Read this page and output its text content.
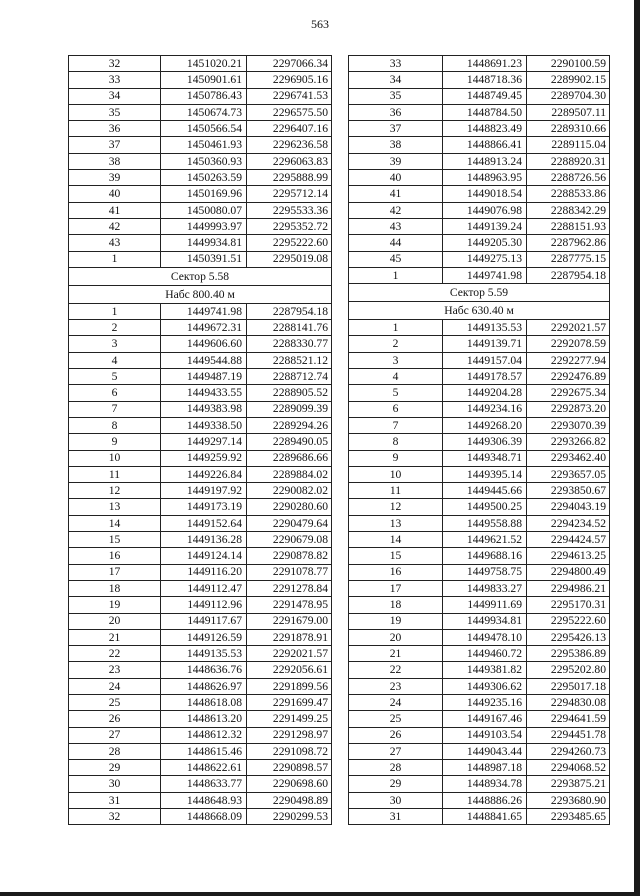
563
32	1451020.21	2297066.34
33	1450901.61	2296905.16
34	1450786.43	2296741.53
35	1450674.73	2296575.50
36	1450566.54	2296407.16
37	1450461.93	2296236.58
38	1450360.93	2296063.83
39	1450263.59	2295888.99
40	1450169.96	2295712.14
41	1450080.07	2295533.36
42	1449993.97	2295352.72
43	1449934.81	2295222.60
1	1450391.51	2295019.08
Сектор 5.58		
Набс 800.40 м		
1	1449741.98	2287954.18
2	1449672.31	2288141.76
3	1449606.60	2288330.77
4	1449544.88	2288521.12
5	1449487.19	2288712.74
6	1449433.55	2288905.52
7	1449383.98	2289099.39
8	1449338.50	2289294.26
9	1449297.14	2289490.05
10	1449259.92	2289686.66
11	1449226.84	2289884.02
12	1449197.92	2290082.02
13	1449173.19	2290280.60
14	1449152.64	2290479.64
15	1449136.28	2290679.08
16	1449124.14	2290878.82
17	1449116.20	2291078.77
18	1449112.47	2291278.84
19	1449112.96	2291478.95
20	1449117.67	2291679.00
21	1449126.59	2291878.91
22	1449135.53	2292021.57
23	1448636.76	2292056.61
24	1448626.97	2291899.56
25	1448618.08	2291699.47
26	1448613.20	2291499.25
27	1448612.32	2291298.97
28	1448615.46	2291098.72
29	1448622.61	2290898.57
30	1448633.77	2290698.60
31	1448648.93	2290498.89
32	1448668.09	2290299.53
33	1448691.23	2290100.59
34	1448718.36	2289902.15
35	1448749.45	2289704.30
36	1448784.50	2289507.11
37	1448823.49	2289310.66
38	1448866.41	2289115.04
39	1448913.24	2288920.31
40	1448963.95	2288726.56
41	1449018.54	2288533.86
42	1449076.98	2288342.29
43	1449139.24	2288151.93
44	1449205.30	2287962.86
45	1449275.13	2287775.15
1	1449741.98	2287954.18
Сектор 5.59		
Набс 630.40 м		
1	1449135.53	2292021.57
2	1449139.71	2292078.59
3	1449157.04	2292277.94
4	1449178.57	2292476.89
5	1449204.28	2292675.34
6	1449234.16	2292873.20
7	1449268.20	2293070.39
8	1449306.39	2293266.82
9	1449348.71	2293462.40
10	1449395.14	2293657.05
11	1449445.66	2293850.67
12	1449500.25	2294043.19
13	1449558.88	2294234.52
14	1449621.52	2294424.57
15	1449688.16	2294613.25
16	1449758.75	2294800.49
17	1449833.27	2294986.21
18	1449911.69	2295170.31
19	1449934.81	2295222.60
20	1449478.10	2295426.13
21	1449460.72	2295386.89
22	1449381.82	2295202.80
23	1449306.62	2295017.18
24	1449235.16	2294830.08
25	1449167.46	2294641.59
26	1449103.54	2294451.78
27	1449043.44	2294260.73
28	1448987.18	2294068.52
29	1448934.78	2293875.21
30	1448886.26	2293680.90
31	1448841.65	2293485.65
